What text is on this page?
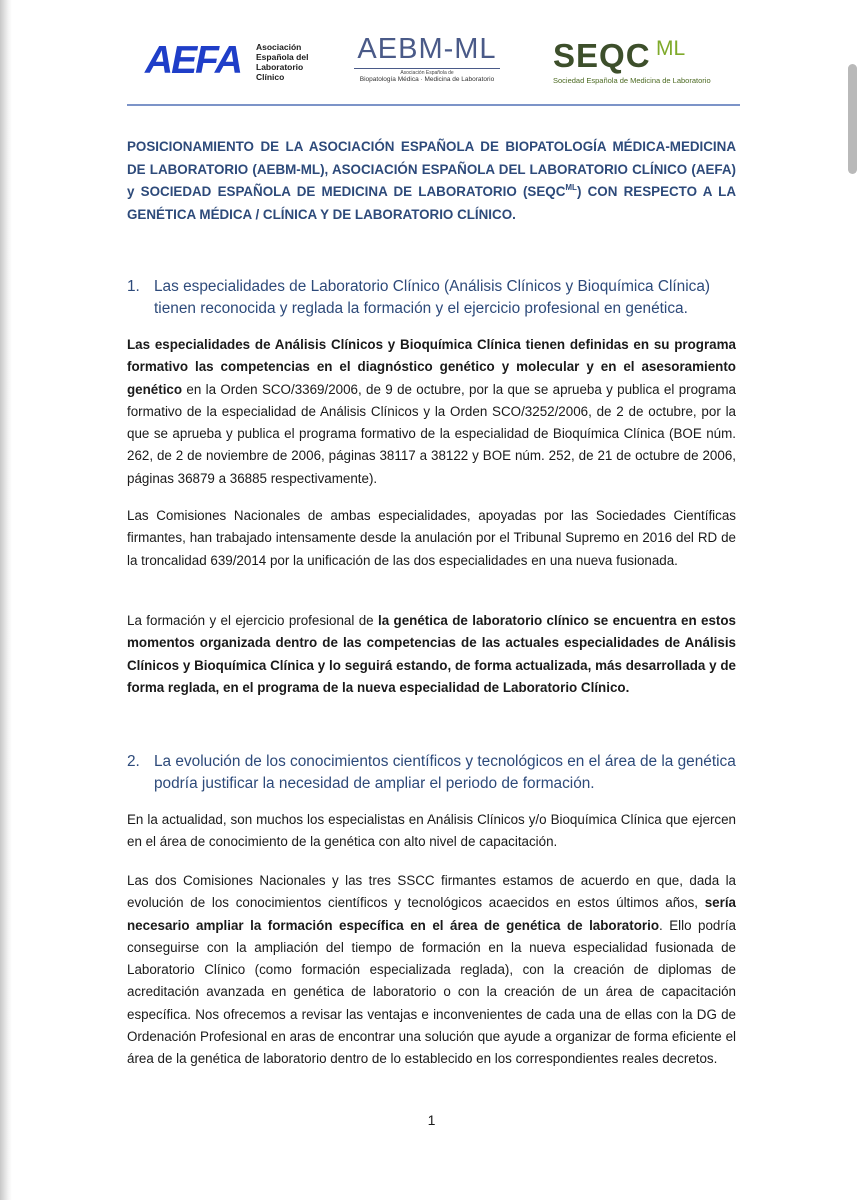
AEFA Asociación Española del Laboratorio Clínico
AEBM-ML
Asociación Española de
Biopatología Médica · Medicina de Laboratorio
SEQC ML
Sociedad Española de Medicina de Laboratorio
POSICIONAMIENTO DE LA ASOCIACIÓN ESPAÑOLA DE BIOPATOLOGÍA MÉDICA-MEDICINA DE LABORATORIO (AEBM-ML), ASOCIACIÓN ESPAÑOLA DEL LABORATORIO CLÍNICO (AEFA) y SOCIEDAD ESPAÑOLA DE MEDICINA DE LABORATORIO $(SEQC^{ML})$ CON RESPECTO A LA GENÉTICA MÉDICA / CLÍNICA Y DE LABORATORIO CLÍNICO.
1. Las especialidades de Laboratorio Clínico (Análisis Clínicos y Bioquímica Clínica) tienen reconocida y reglada la formación y el ejercicio profesional en genética.
Las especialidades de Análisis Clínicos y Bioquímica Clínica tienen definidas en su programa formativo las competencias en el diagnóstico genético y molecular y en el asesoramiento genético en la Orden SCO/3369/2006, de 9 de octubre, por la que se aprueba y publica el programa formativo de la especialidad de Análisis Clínicos y la Orden SCO/3252/2006, de 2 de octubre, por la que se aprueba y publica el programa formativo de la especialidad de Bioquímica Clínica (BOE núm. 262, de 2 de noviembre de 2006, páginas 38117 a 38122 y BOE núm. 252, de 21 de octubre de 2006, páginas 36879 a 36885 respectivamente).
Las Comisiones Nacionales de ambas especialidades, apoyadas por las Sociedades Científicas firmantes, han trabajado intensamente desde la anulación por el Tribunal Supremo en 2016 del RD de la troncalidad 639/2014 por la unificación de las dos especialidades en una nueva fusionada.
La formación y el ejercicio profesional de la genética de laboratorio clínico se encuentra en estos momentos organizada dentro de las competencias de las actuales especialidades de Análisis Clínicos y Bioquímica Clínica y lo seguirá estando, de forma actualizada, más desarrollada y de forma reglada, en el programa de la nueva especialidad de Laboratorio Clínico.
2. La evolución de los conocimientos científicos y tecnológicos en el área de la genética podría justificar la necesidad de ampliar el periodo de formación.
En la actualidad, son muchos los especialistas en Análisis Clínicos y/o Bioquímica Clínica que ejercen en el área de conocimiento de la genética con alto nivel de capacitación.
Las dos Comisiones Nacionales y las tres SSCC firmantes estamos de acuerdo en que, dada la evolución de los conocimientos científicos y tecnológicos acaecidos en estos últimos años, sería necesario ampliar la formación específica en el área de genética de laboratorio. Ello podría conseguirse con la ampliación del tiempo de formación en la nueva especialidad fusionada de Laboratorio Clínico (como formación especializada reglada), con la creación de diplomas de acreditación avanzada en genética de laboratorio o con la creación de un área de capacitación específica. Nos ofrecemos a revisar las ventajas e inconvenientes de cada una de ellas con la DG de Ordenación Profesional en aras de encontrar una solución que ayude a organizar de forma eficiente el área de la genética de laboratorio dentro de lo establecido en los correspondientes reales decretos.
1
